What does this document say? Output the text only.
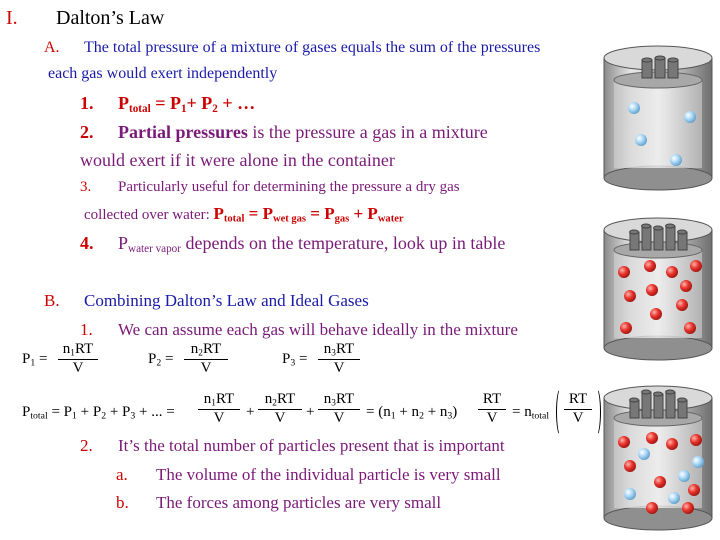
I. Dalton’s Law
A. The total pressure of a mixture of gases equals the sum of the pressures
each gas would exert independently
1. $P_{total} = P_1+ P_2$ + …
2. Partial pressures is the pressure a gas in a mixture
would exert if it were alone in the container
3. Particularly useful for determining the pressure a dry gas
collected over water: $P_{total} = P_{wet gas} = P_{gas} + P_{water}$
4. $P_{water vapor}$ depends on the temperature, look up in table
B. Combining Dalton’s Law and Ideal Gases
1. We can assume each gas will behave ideally in the mixture
$P_1$ =
$n_1RT$
V
$P_2$ =
$n_2RT$
V
$P_3$ =
$n_3RT$
V
$P_{total} = P_1 + P_2 + P_3$ + ... =
$n_1RT$
V +
$n_2RT$
V +
$n_3RT$
$V = (n_1 + n_2 + n_3)$
RT
$V = n_{total}$
RT
V
2. It’s the total number of particles present that is important
a. The volume of the individual particle is very small
b. The forces among particles are very small
